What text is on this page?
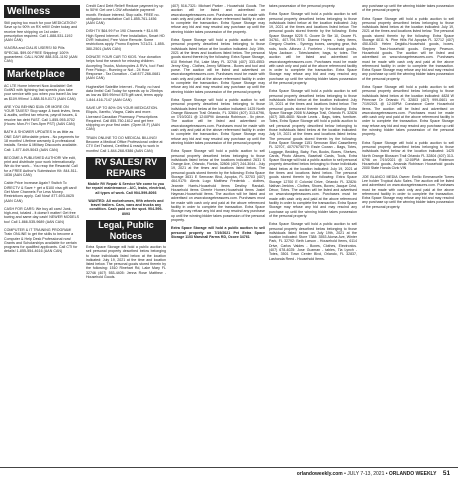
Wellness

Still paying too much for your MEDICATION? Save up to 90% on RX refill! Order today and receive free shipping on 1st order - prescription required. Call 1-888-531-1192 (AAN CAN)

VIAGRA and CIALIS USERS! 50 Pills SPECIAL $99.00 FREE Shipping! 100% guaranteed. CALL NOW! 888-531-1192 (AAN CAN)

Marketplace

AC LTE Home Internet Now Available! Get GotW3 with lightning fast speeds plus take your service with you when you travel! As low as $109.99/mo! 1-888-519-0171 (AAN CAN)

ARE YOU BEHIND $10k OR MORE ON YOUR TAXES? Stop wage & bank levies, liens & audits, unfiled tax returns, payroll issues, & resolve tax debt FAST. Call 1-855-955-0702 (Hours: Mon-Fri 7am-5pm PST) (AAN CAN)

BATH & SHOWER UPDATES in as little as ONE DAY! Affordable prices - No payments for 18 months! Lifetime warranty & professional installs. Senior & Military Discounts available. Call: 1-877-649-5043 (AAN CAN)

BECOME A PUBLISHED AUTHOR! We edit, print and distribute your work internationally. We do the work... You reap the Rewards! Call for a FREE Author's Submission Kit: 844-511-1836 (AAN CAN)

Cable Price Increase Again? Switch To DIRECTV & Save + get a $100 visa gift card! Get More Channels For Less Money. Restrictions apply. Call Now! 877-693-0625 (AAN CAN)

CASH FOR CARS: We buy all cars! Junk, high-end, totaled - it doesn't matter! Get free towing and same day cash! NEWER MODELS too! Call 1-866-535-9689 (AAN CAN)

COMPUTER & IT TRAINING PROGRAM! Train ONLINE to get the skills to become a Computer & Help Desk Professional now! Grants and Scholarships available for certain programs for qualified applicants. Call CTI for details! 1-855-554-4616 (AAN CAN)

Credit Card Debt Relief! Reduce payment by up to 50%! Get one LOW affordable payment/ month. Reduce interest. Stop calls. FREE no-obligation consultation Call 1-855-761-1456 (AAN CAN)

DISH TV $64.99 For 190 Channels + $14.95 High Speed Internet. Free Installation, Smart HD DVR Included, Free Voice Remote. Some restrictions apply. Promo Expires 7/21/21. 1-855-380-2501 (AAN CAN)

DONATE YOUR CAR TO KIDS. Your donation helps fund the search for missing children. Accepting Trucks, Motorcycles & RV's, too! Fast Free Pickup - Running or Not - 24 Hour Response - Tax Donation - Call 877-266-0681 (AAN CAN)

HughesNet Satellite Internet - Finally, no hard data limits! Call Today for speeds up to 25mbps as low as $59.99/mo! $75 gift card, terms apply. 1-844-416-7147 (AAN CAN)

SAVE UP TO 80% ON YOUR MEDICATION. Eliquis, Xarelto, Viagra, Cialis and more. Licensed Canadian Pharmacy. Prescriptions Required. Call 855-750-1612 and get free shipping on your first order. (Open M-F) (AAN CAN)

TRAIN ONLINE TO DO MEDICAL BILLING! Become a Medical Office Professional online at CTI! Get Trained, Certified & ready to work in months! Call 1-844-268-9386 (AAN CAN)

RV SALES/ RV REPAIRS

Mobile RV Repair & Service We come to you for repair/ maintenance - A/C, leaks, electrical, all types of work. Call 904-599-8093

WANTED: All motorhomes, fifth wheels and travel trailers. Cars, vans and trucks any condition. Cash paid on the spot. 904-599-8093

Legal, Public Notices

Extra Space Storage will hold a public auction to sell personal property described below belonging to those individuals listed below at the location indicated: July 19, 2021 at the time and location listed below. The personal goods stored therein by the following: 1510 Rinehart Rd, Lake Mary FL 32746 (407) 553-4405: Jenna Rose Matthew - Household Goods.

(407) 516-7321: Michael Parker - Household Goods. The auction will be listed and advertised on www.storagetreasures.com. Purchases must be made with cash only and paid at the above referenced facility in order to complete the transaction. Extra Space Storage may refuse any bid and may rescind any purchase up until the winning bidder takes possession of the property.

Extra Space Storage will hold a public auction to sell personal property described below belonging to those individuals listed below at the location indicated: July 19th, 2021 at the times and locations listed below. The personal goods stored therein by the following: Extra Space Storage, 610 Reinhart Rd, Lake Mary FL 32746 (407) 333-4553: Jenny King - Clothes, Jenny Williams - Boxes and tool and purse. The auction will be listed and advertised on www.storagetreasures.com. Purchases must be made with cash only and paid at the above referenced facility in order to complete the transaction. Extra Space Storage may refuse any bid and may rescind any purchase up until the winning bidder takes possession of the personal property.

Extra Space Storage will hold a public auction to sell personal property described below belonging to those individuals listed below at the location indicated: 1425 North Orange Blossom Trail Orlando, FL 32804 (407) 313-6796, on 7/19/2021 @ 12:00PM: Amanda Robinson - 5x piece. The auction will be listed and advertised on www.storagetreasures.com. Purchases must be made with cash only and paid at the above referenced facility in order to complete the transaction. Extra Space Storage may refuse any bid and may rescind any purchase up until the winning bidder takes possession of the personal property.

Extra Space Storage will hold a public auction to sell personal property described below belonging to those individuals listed below at the locations indicated: 2631 S Orange Ave, Orlando, Florida, 32806 (407) 244-3044 - July 19, 2021 at the times and locations listed below. The personal goods stored therein by the following: Extra Space Storage 3631 E Semoran Blvd, Apopka, FL 32703 (407) 464-9175: Alexis Lugo Matthew Frederick - clothes, Jeannie Harris-Household items Destiny Randall-Household items Cherrie Homer-Household items Josiel Hayman-Household items. The auction will be listed and advertised on www.storagetreasures.com. Purchases must be made with cash only and paid at the above referenced facility in order to complete the transaction. Extra Space Storage may refuse any bid and may rescind any purchase up until the winning bidder takes possession of the personal property.

Extra Space Storage will hold a public auction to sell personal property on 7/19/2021 Pet Extra Space Storage 1103 Marshall Farms RD, Ocoee 34761

takes possession of the personal property.

Extra Space Storage will hold a public auction to sell personal property described below belonging to those individuals listed below at the location indicated: July 19, 2021 at the times and locations listed below. The personal goods stored therein by the following: Extra Space Storage 5225 S. Ocoee Dr Ste 10, Ocoee FL 34761, 407-794-7973: Dianna Hayes - baby items, Gregory Charles - Synergy boxes, camping gear, fish rods, tools. Alfonzo J. Fonteleo - Household goods, Myra Jackson - Totes/washer, bags, tv, totes. The auction will be listed and advertised on www.storagetreasures.com. Purchases must be made with cash only and paid at the above referenced facility in order to complete the transaction. Extra Space Storage may refuse any bid and may rescind any purchase up until the winning bidder takes possession of the personal property.

Extra Space Storage will hold a public auction to sell personal property described below belonging to those individuals listed below at the location indicated: July 19, 2021 at the times and locations listed below. The personal goods stored therein by the following: Extra Space Storage 2008 N Alafaya Trail, Orlando FL 32826 (407) 385-4600: Nicole Lewis - Bags, totes, furniture. Totes, Extra Space Storage will hold a public auction to sell personal property described below belonging to those individuals listed below at the location indicated: July 19, 2021 at the times and locations listed below. The personal goods stored therein by the following: Extra Space Storage 1151 Semoran Blvd Casselberry FL 32707, 407/767/6779: Essie Cowan - Bags, Totes, Luggage, Bedding, Baby, Fan, Books, Boxes, Shelves, Cards, Photo Albums, Baseball Cards, Tools, Extra Space Storage will hold a public auction to sell personal property described below belonging to those individuals listed below at the location indicated: July 19, 2021 at the times and locations listed below. The personal goods stored therein by the following: Extra Space Storage 12700 E Colonial Drive, Orlando FL 32826: Nathan Jenkins - Clothes, Shoes, Boxes; Jacque Crist, Décor, Totes. The auction will be listed and advertised on www.storagetreasures.com. Purchases must be made with cash only and paid at the above referenced facility in order to complete the transaction. Extra Space Storage may refuse any bid and may rescind any purchase up until the winning bidder takes possession of the personal property.

Extra Space Storage will hold a public auction to sell personal property described below belonging to those individuals listed below on July 19th, 2021 at the location indicated: Store 7388: 3553 Aloma Ave, Winter Park, FL 32792: Beth Larson - Household Items, 6114 Drive, Carlos Valdes - Boxes, Clothes, Electronics. (407) 678-4025: Jose Guzman - tables, Tia Lynch - Totes, 3501 Town Center Blvd, Orlando, FL 32837, Lashonda Reed - Household Items.

any purchase up until the winning bidder takes possession of the personal property.

Extra Space Storage will hold a public auction to sell personal property described below belonging to those individuals listed below at the location indicated: July 19, 2021 at the times and locations listed below. The personal goods stored therein by the following: Extra Space Storage 6011 N. Pine Hills Rd Apopka FL 32712 (407) 450-6343: Helen Degidio-Household goods, boxes. Stephen Tran-Household goods. Gregory Pearson-Household goods. The auction will be listed and advertised on www.storagetreasures.com. Purchases must be made with cash only and paid at the above referenced facility in order to complete the transaction. Extra Space Storage may refuse any bid and may rescind any purchase up until the winning bidder takes possession of the personal property.

Extra Space Storage will hold a public auction to sell personal property described below belonging to those individuals listed below at the location indicated: 4828 W Primrose Dr Orlando FL 32803 (407) 999-0601 on 7/19/2021 @ 12:00PM: Constance Carrie Household items. The auction will be listed and advertised on www.storagetreasures.com. Purchases must be made with cash only and paid at the above referenced facility in order to complete the transaction. Extra Space Storage may refuse any bid and may rescind any purchase up until the winning bidder takes possession of the personal property.

Extra Space Storage will hold a public auction to sell personal property described below belonging to those individuals listed below at the location indicated: 1425 North Orange Blossom Trail Orlando FL 32804 (407) 313-6796 on 7/19/2021 @ 12:00PM: Amanda Robinson Household goods, Amanda Robinson Household goods 2000 State Honda Civic VIN

JOE BLANCO MEDIA Owner: Emilio Emmanuelle Torres Lee holder Tropical Auto Sales. The auction will be listed and advertised on www.storagetreasures.com. Purchases must be made with cash only and paid at the above referenced facility in order to complete the transaction. Extra Space Storage may refuse any bid and may rescind any purchase up until the winning bidder takes possession of the personal property.

orlandoweekly.com • JULY 7-13, 2021 • ORLANDO WEEKLY 51
